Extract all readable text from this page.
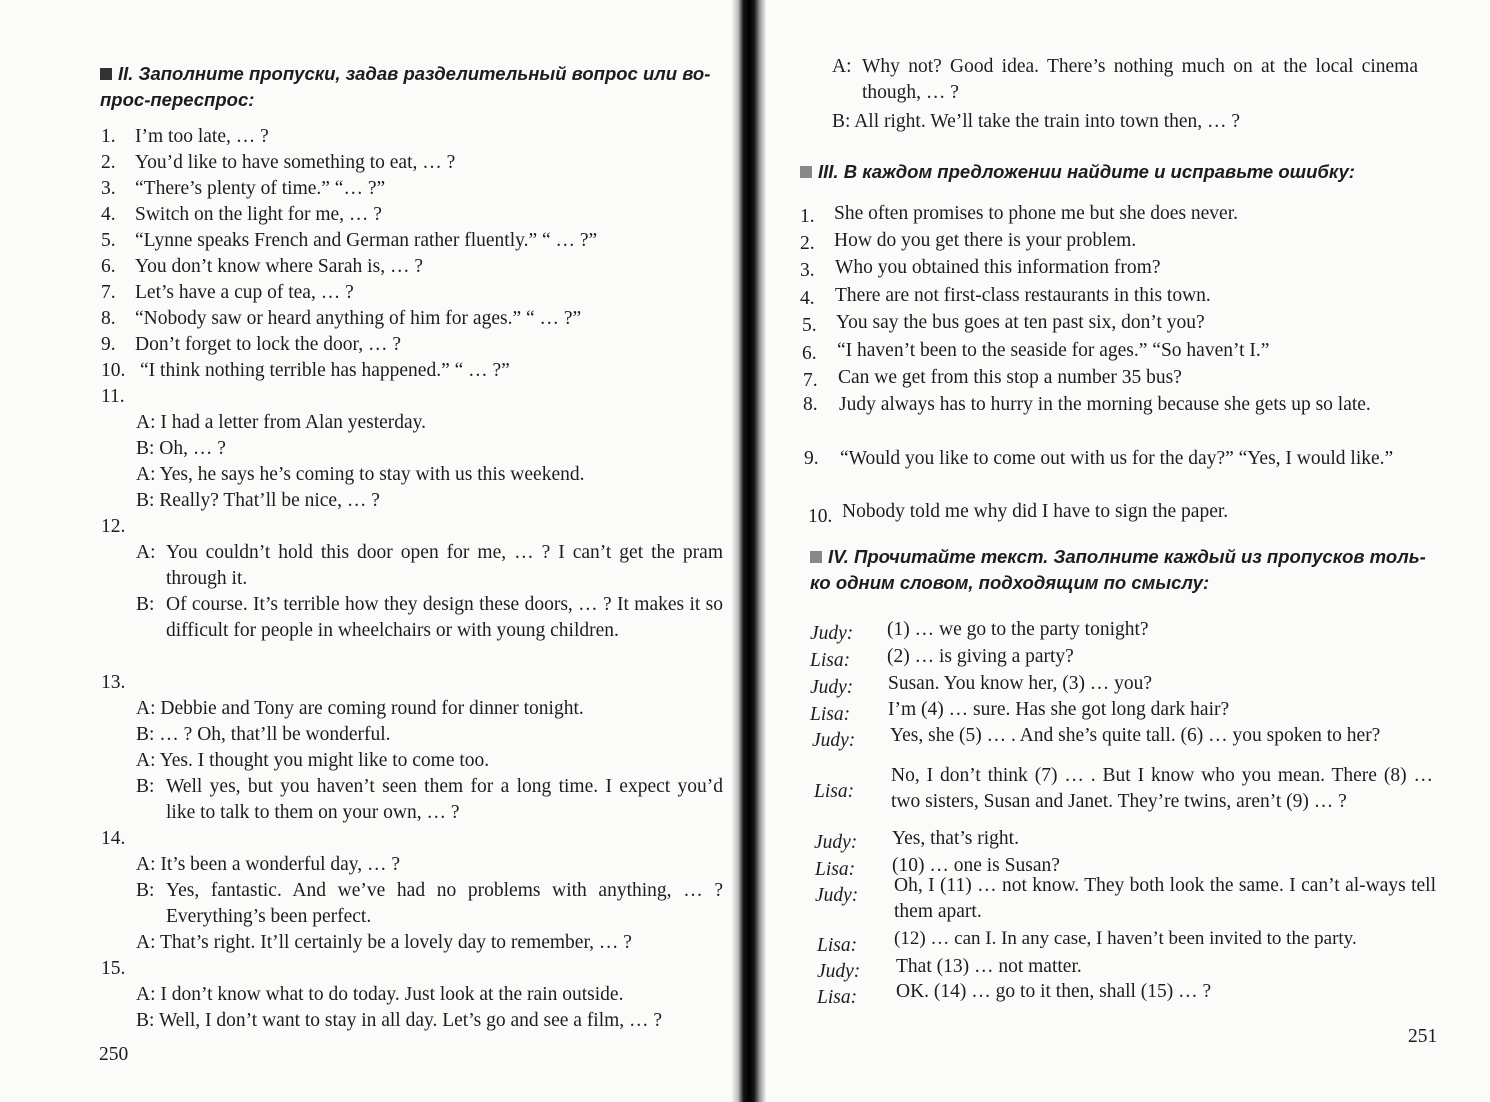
II. Заполните пропуски, задав разделительный вопрос или во-
прос-переспрос:
1. I’m too late, … ?
2. You’d like to have something to eat, … ?
3. “There’s plenty of time.” “… ?”
4. Switch on the light for me, … ?
5. “Lynne speaks French and German rather fluently.” “ … ?”
6. You don’t know where Sarah is, … ?
7. Let’s have a cup of tea, … ?
8. “Nobody saw or heard anything of him for ages.” “ … ?”
9. Don’t forget to lock the door, … ?
10. “I think nothing terrible has happened.” “ … ?”
11.
A: I had a letter from Alan yesterday.
B: Oh, … ?
A: Yes, he says he’s coming to stay with us this weekend.
B: Really? That’ll be nice, … ?
12.
A: You couldn’t hold this door open for me, … ? I can’t get the pram through it.
B: Of course. It’s terrible how they design these doors, … ? It makes it so difficult for people in wheelchairs or with young children.
13.
A: Debbie and Tony are coming round for dinner tonight.
B: … ? Oh, that’ll be wonderful.
A: Yes. I thought you might like to come too.
B: Well yes, but you haven’t seen them for a long time. I expect you’d like to talk to them on your own, … ?
14.
A: It’s been a wonderful day, … ?
B: Yes, fantastic. And we’ve had no problems with anything, … ? Everything’s been perfect.
A: That’s right. It’ll certainly be a lovely day to remember, … ?
15.
A: I don’t know what to do today. Just look at the rain outside.
B: Well, I don’t want to stay in all day. Let’s go and see a film, … ?
250
A: Why not? Good idea. There’s nothing much on at the local cinema though, … ?
B: All right. We’ll take the train into town then, … ?
III. В каждом предложении найдите и исправьте ошибку:
1. She often promises to phone me but she does never.
2. How do you get there is your problem.
3. Who you obtained this information from?
4. There are not first-class restaurants in this town.
5. You say the bus goes at ten past six, don’t you?
6. “I haven’t been to the seaside for ages.” “So haven’t I.”
7. Can we get from this stop a number 35 bus?
8. Judy always has to hurry in the morning because she gets up so late.
9. “Would you like to come out with us for the day?” “Yes, I would like.”
10. Nobody told me why did I have to sign the paper.
IV. Прочитайте текст. Заполните каждый из пропусков толь-
ко одним словом, подходящим по смыслу:
Judy: (1) … we go to the party tonight?
Lisa: (2) … is giving a party?
Judy: Susan. You know her, (3) … you?
Lisa: I’m (4) … sure. Has she got long dark hair?
Judy: Yes, she (5) … . And she’s quite tall. (6) … you spoken to her?
Lisa:
No, I don’t think (7) … . But I know who you mean. There (8) … two sisters, Susan and Janet. They’re twins, aren’t (9) … ?
Judy: Yes, that’s right.
Lisa: (10) … one is Susan?
Judy: Oh, I (11) … not know. They both look the same. I can’t al-ways tell them apart.
Lisa: (12) … can I. In any case, I haven’t been invited to the party.
Judy: That (13) … not matter.
Lisa: OK. (14) … go to it then, shall (15) … ?
251
